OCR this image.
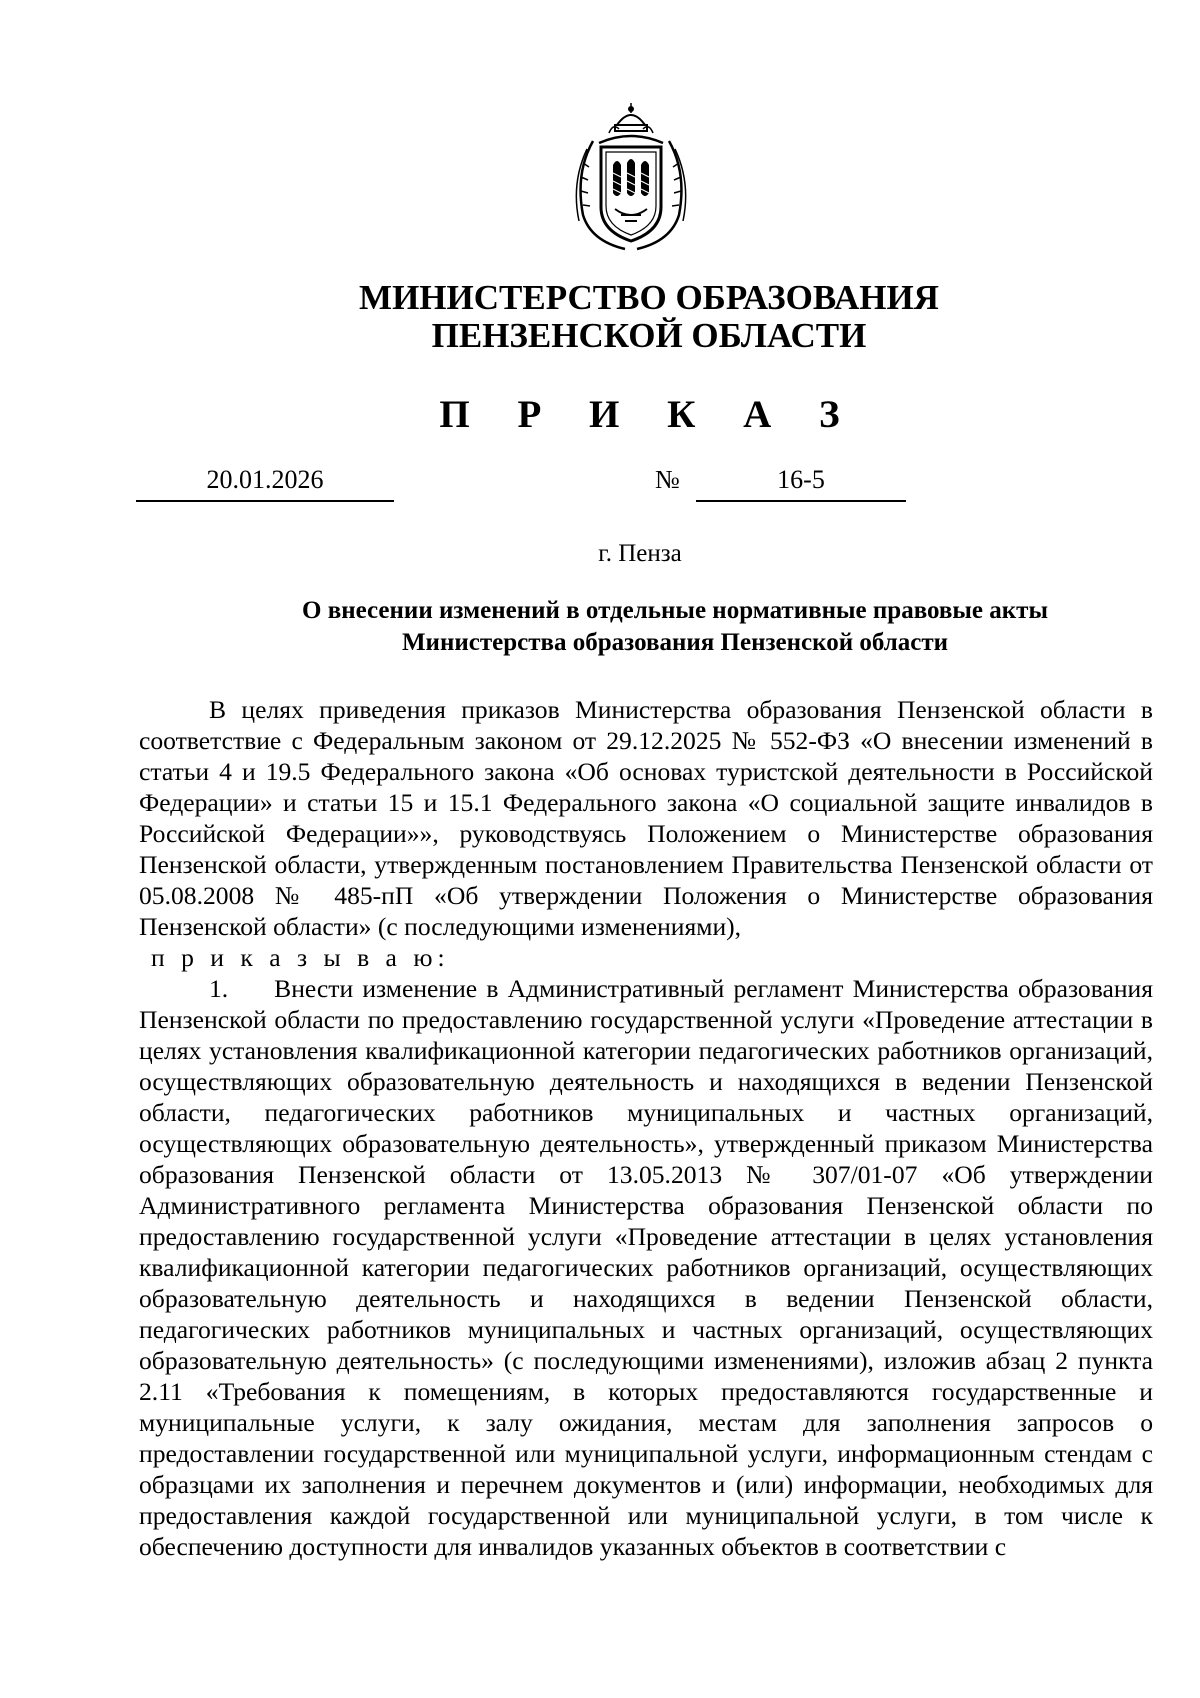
МИНИСТЕРСТВО ОБРАЗОВАНИЯ
ПЕНЗЕНСКОЙ ОБЛАСТИ
П Р И К А З
20.01.2026	№	16-5
г. Пенза
О внесении изменений в отдельные нормативные правовые акты
Министерства образования Пензенской области

В целях приведения приказов Министерства образования Пензенской области в соответствие с Федеральным законом от 29.12.2025 № 552-ФЗ «О внесении изменений в статьи 4 и 19.5 Федерального закона «Об основах туристской деятельности в Российской Федерации» и статьи 15 и 15.1 Федерального закона «О социальной защите инвалидов в Российской Федерации»», руководствуясь Положением о Министерстве образования Пензенской области, утвержденным постановлением Правительства Пензенской области от 05.08.2008 № 485-пП «Об утверждении Положения о Министерстве образования Пензенской области» (с последующими изменениями),

п р и к а з ы в а ю:

1.     Внести изменение в Административный регламент Министерства образования Пензенской области по предоставлению государственной услуги «Проведение аттестации в целях установления квалификационной категории педагогических работников организаций, осуществляющих образовательную деятельность и находящихся в ведении Пензенской области, педагогических работников муниципальных и частных организаций, осуществляющих образовательную деятельность», утвержденный приказом Министерства образования Пензенской области от 13.05.2013 № 307/01-07 «Об утверждении Административного регламента Министерства образования Пензенской области по предоставлению государственной услуги «Проведение аттестации в целях установления квалификационной категории педагогических работников организаций, осуществляющих образовательную деятельность и находящихся в ведении Пензенской области, педагогических работников муниципальных и частных организаций, осуществляющих образовательную деятельность» (с последующими изменениями), изложив абзац 2 пункта 2.11 «Требования к помещениям, в которых предоставляются государственные и муниципальные услуги, к залу ожидания, местам для заполнения запросов о предоставлении государственной или муниципальной услуги, информационным стендам с образцами их заполнения и перечнем документов и (или) информации, необходимых для предоставления каждой государственной или муниципальной услуги, в том числе к обеспечению доступности для инвалидов указанных объектов в соответствии с
